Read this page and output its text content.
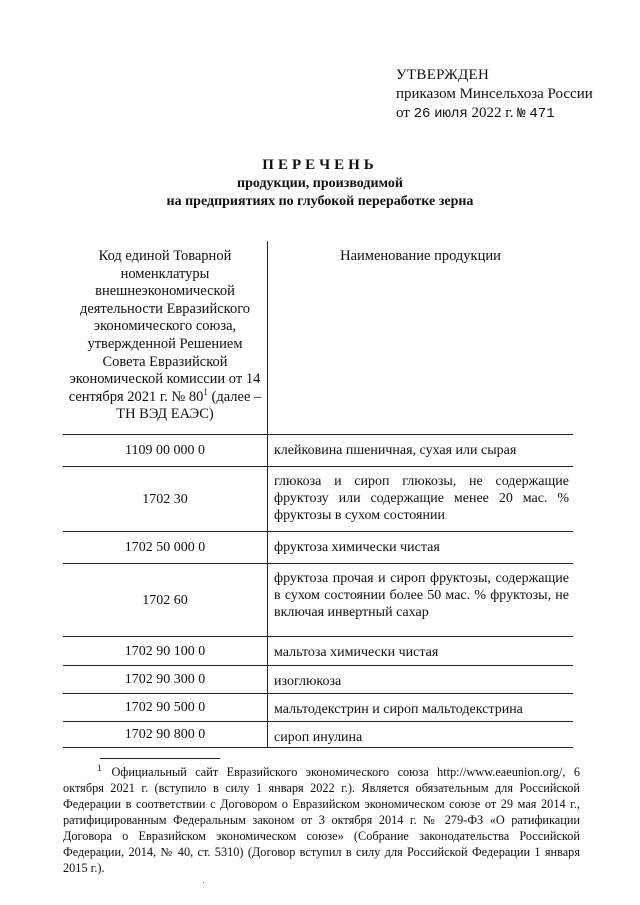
УТВЕРЖДЕН
приказом Минсельхоза России
от 26 июля 2022 г. № 471
ПЕРЕЧЕНЬ
продукции, производимой
на предприятиях по глубокой переработке зерна
Код единой Товарной номенклатуры внешнеэкономической деятельности Евразийского экономического союза, утвержденной Решением Совета Евразийской экономической комиссии от 14 сентября 2021 г. № $80^1$ (далее – ТН ВЭД ЕАЭС)	Наименование продукции
1109 00 000 0	клейковина пшеничная, сухая или сырая
1702 30	глюкоза и сироп глюкозы, не содержащие фруктозу или содержащие менее 20 мас. % фруктозы в сухом состоянии
1702 50 000 0	фруктоза химически чистая
1702 60	фруктоза прочая и сироп фруктозы, содержащие в сухом состоянии более 50 мас. % фруктозы, не включая инвертный сахар
1702 90 100 0	мальтоза химически чистая
1702 90 300 0	изоглюкоза
1702 90 500 0	мальтодекстрин и сироп мальтодекстрина
1702 90 800 0	сироп инулина
$^1$ Официальный сайт Евразийского экономического союза http://www.eaeunion.org/, 6 октября 2021 г. (вступило в силу 1 января 2022 г.). Является обязательным для Российской Федерации в соответствии с Договором о Евразийском экономическом союзе от 29 мая 2014 г., ратифицированным Федеральным законом от 3 октября 2014 г. № 279-ФЗ «О ратификации Договора о Евразийском экономическом союзе» (Собрание законодательства Российской Федерации, 2014, № 40, ст. 5310) (Договор вступил в силу для Российской Федерации 1 января 2015 г.).
